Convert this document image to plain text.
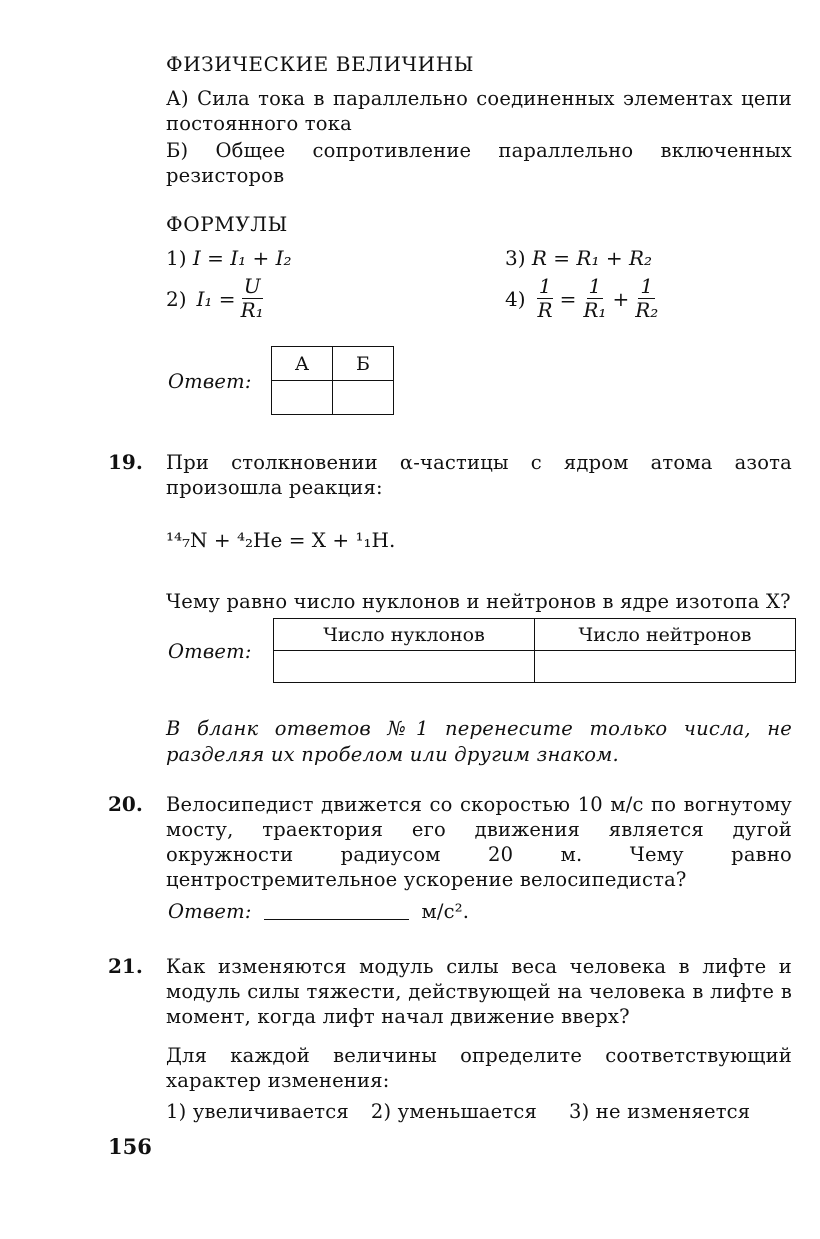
ФИЗИЧЕСКИЕ ВЕЛИЧИНЫ
А) Сила тока в параллельно соединенных элементах цепи постоянного тока
Б) Общее сопротивление параллельно включенных резисторов
ФОРМУЛЫ
1) I = I₁ + I₂	3) R = R₁ + R₂
2) $I_1 = \frac{U}{\text{R₁}}$	$4) \frac{1}{R} = \frac{1}{\text{R₁}} + \frac{1}{\text{R₂}}$
Ответ:
А	Б

19. При столкновении α-частицы с ядром атома азота произошла реакция:
¹⁴₇N + ⁴₂He = X + ¹₁H.
Чему равно число нуклонов и нейтронов в ядре изотопа X?
Ответ:
Число нуклонов	Число нейтронов

В бланк ответов №1 перенесите только числа, не разделяя их пробелом или другим знаком.
20. Велосипедист движется со скоростью 10 м/с по вогнутому мосту, траектория его движения является дугой окружности радиусом 20 м. Чему равно центростремительное ускорение велосипедиста?
Ответ:	м/с².
21. Как изменяются модуль силы веса человека в лифте и модуль силы тяжести, действующей на человека в лифте в момент, когда лифт начал движение вверх?
Для каждой величины определите соответствующий характер изменения:
1) увеличивается 2) уменьшается 3) не изменяется
156
